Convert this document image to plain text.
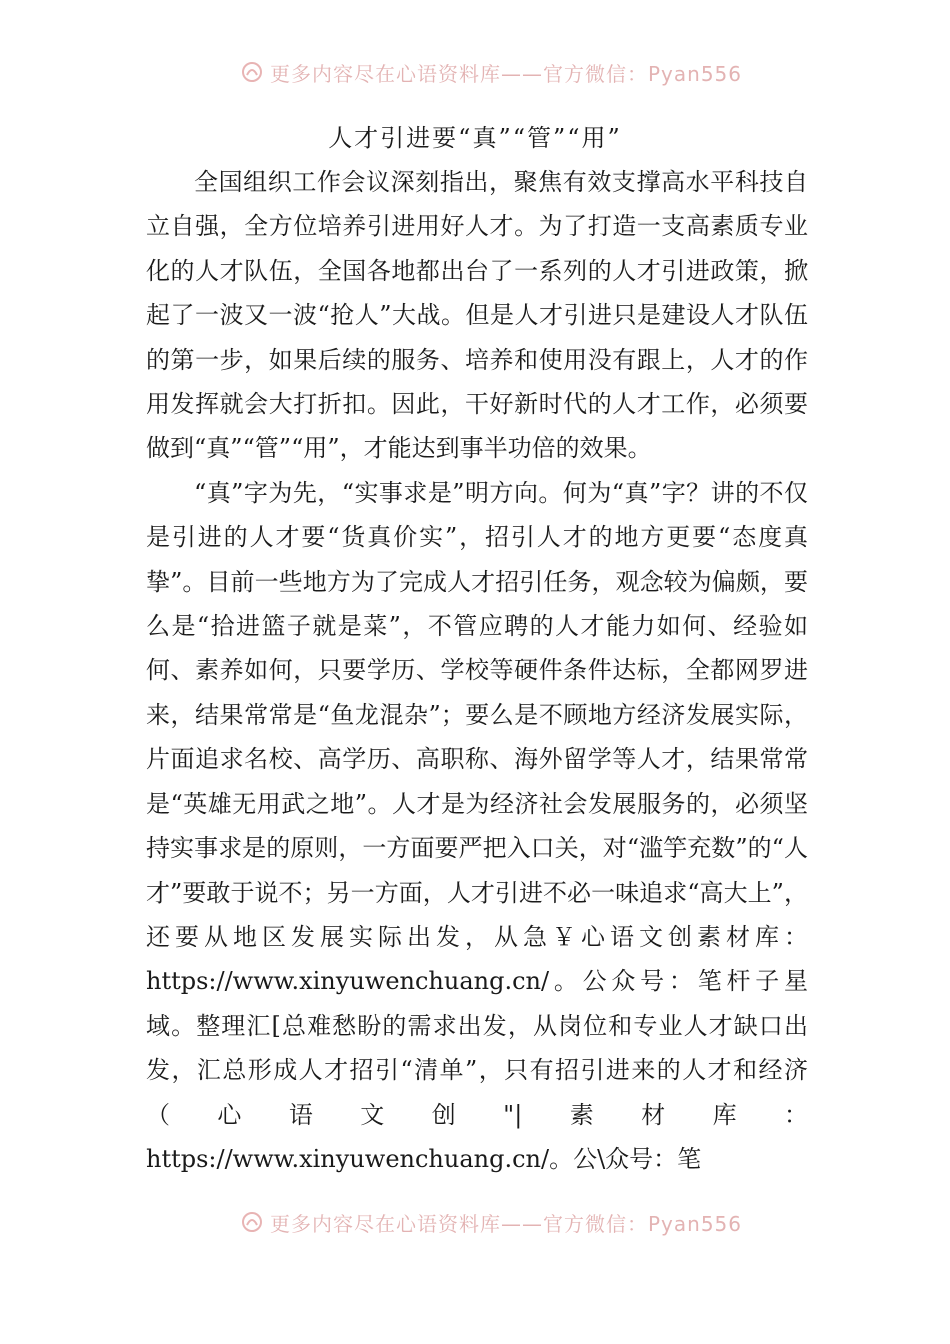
更多内容尽在心语资料库——官方微信：Pyan556
人才引进要“真”“管”“用”

全国组织工作会议深刻指出，聚焦有效支撑高水平科技自立自强，全方位培养引进用好人才。为了打造一支高素质专业化的人才队伍，全国各地都出台了一系列的人才引进政策，掀起了一波又一波“抢人”大战。但是人才引进只是建设人才队伍的第一步，如果后续的服务、培养和使用没有跟上，人才的作用发挥就会大打折扣。因此，干好新时代的人才工作，必须要做到“真”“管”“用”，才能达到事半功倍的效果。

“真”字为先，“实事求是”明方向。何为“真”字？讲的不仅是引进的人才要“货真价实”，招引人才的地方更要“态度真挚”。目前一些地方为了完成人才招引任务，观念较为偏颇，要么是“拾进篮子就是菜”，不管应聘的人才能力如何、经验如何、素养如何，只要学历、学校等硬件条件达标，全都网罗进来，结果常常是“鱼龙混杂”；要么是不顾地方经济发展实际，片面追求名校、高学历、高职称、海外留学等人才，结果常常是“英雄无用武之地”。人才是为经济社会发展服务的，必须坚持实事求是的原则，一方面要严把入口关，对“滥竽充数”的“人才”要敢于说不；另一方面，人才引进不必一味追求“高大上”，还要从地区发展实际出发，从急￥心语文创素材库：https://www.xinyuwenchuang.cn/。公众号：笔杆子星域。整理汇[总难愁盼的需求出发，从岗位和专业人才缺口出发，汇总形成人才招引“清单”，只有招引进来的人才和经济（心语文创"|素材库：https://www.xinyuwenchuang.cn/。公\众号：笔

更多内容尽在心语资料库——官方微信：Pyan556
